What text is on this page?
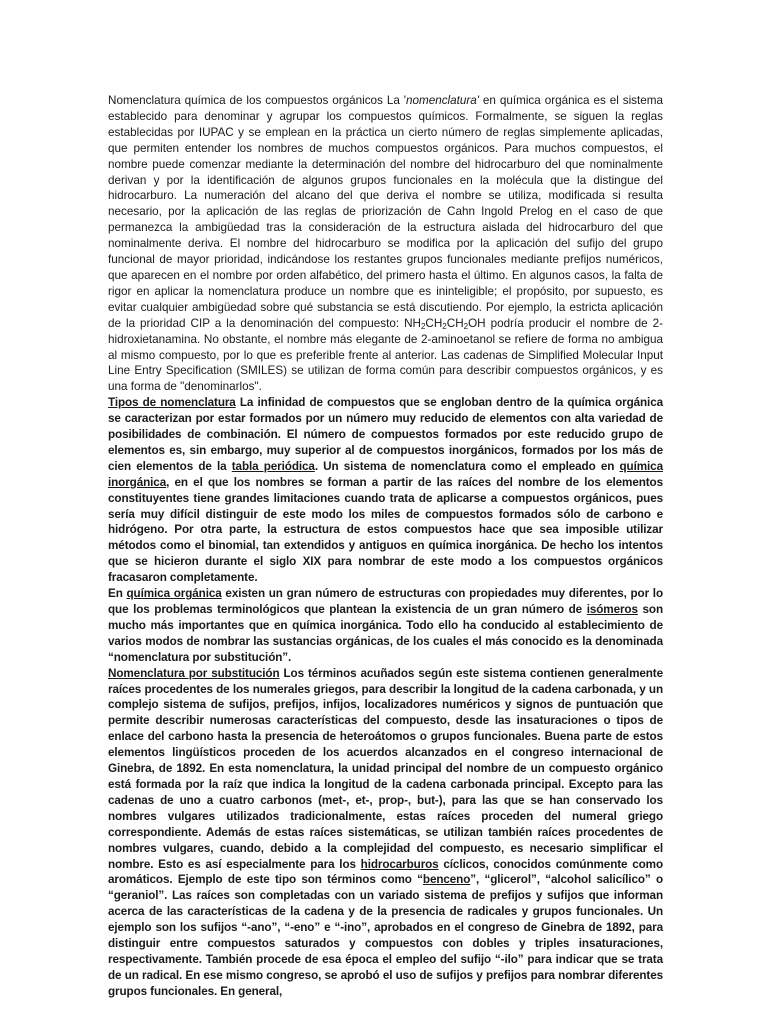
Nomenclatura química de los compuestos orgánicos La 'nomenclatura' en química orgánica es el sistema establecido para denominar y agrupar los compuestos químicos. Formalmente, se siguen la reglas establecidas por IUPAC y se emplean en la práctica un cierto número de reglas simplemente aplicadas, que permiten entender los nombres de muchos compuestos orgánicos. Para muchos compuestos, el nombre puede comenzar mediante la determinación del nombre del hidrocarburo del que nominalmente derivan y por la identificación de algunos grupos funcionales en la molécula que la distingue del hidrocarburo. La numeración del alcano del que deriva el nombre se utiliza, modificada si resulta necesario, por la aplicación de las reglas de priorización de Cahn Ingold Prelog en el caso de que permanezca la ambigüedad tras la consideración de la estructura aislada del hidrocarburo del que nominalmente deriva. El nombre del hidrocarburo se modifica por la aplicación del sufijo del grupo funcional de mayor prioridad, indicándose los restantes grupos funcionales mediante prefijos numéricos, que aparecen en el nombre por orden alfabético, del primero hasta el último. En algunos casos, la falta de rigor en aplicar la nomenclatura produce un nombre que es ininteligible; el propósito, por supuesto, es evitar cualquier ambigüedad sobre qué substancia se está discutiendo. Por ejemplo, la estricta aplicación de la prioridad CIP a la denominación del compuesto: $NH_2CH_2CH_2OH$ podría producir el nombre de 2-hidroxietanamina. No obstante, el nombre más elegante de 2-aminoetanol se refiere de forma no ambigua al mismo compuesto, por lo que es preferible frente al anterior. Las cadenas de Simplified Molecular Input Line Entry Specification (SMILES) se utilizan de forma común para describir compuestos orgánicos, y es una forma de "denominarlos".

Tipos de nomenclatura La infinidad de compuestos que se engloban dentro de la química orgánica se caracterizan por estar formados por un número muy reducido de elementos con alta variedad de posibilidades de combinación. El número de compuestos formados por este reducido grupo de elementos es, sin embargo, muy superior al de compuestos inorgánicos, formados por los más de cien elementos de la tabla periódica. Un sistema de nomenclatura como el empleado en química inorgánica, en el que los nombres se forman a partir de las raíces del nombre de los elementos constituyentes tiene grandes limitaciones cuando trata de aplicarse a compuestos orgánicos, pues sería muy difícil distinguir de este modo los miles de compuestos formados sólo de carbono e hidrógeno. Por otra parte, la estructura de estos compuestos hace que sea imposible utilizar métodos como el binomial, tan extendidos y antiguos en química inorgánica. De hecho los intentos que se hicieron durante el siglo XIX para nombrar de este modo a los compuestos orgánicos fracasaron completamente.

En química orgánica existen un gran número de estructuras con propiedades muy diferentes, por lo que los problemas terminológicos que plantean la existencia de un gran número de isómeros son mucho más importantes que en química inorgánica. Todo ello ha conducido al establecimiento de varios modos de nombrar las sustancias orgánicas, de los cuales el más conocido es la denominada “nomenclatura por substitución”.

Nomenclatura por substitución Los términos acuñados según este sistema contienen generalmente raíces procedentes de los numerales griegos, para describir la longitud de la cadena carbonada, y un complejo sistema de sufijos, prefijos, infijos, localizadores numéricos y signos de puntuación que permite describir numerosas características del compuesto, desde las insaturaciones o tipos de enlace del carbono hasta la presencia de heteroátomos o grupos funcionales. Buena parte de estos elementos lingüísticos proceden de los acuerdos alcanzados en el congreso internacional de Ginebra, de 1892. En esta nomenclatura, la unidad principal del nombre de un compuesto orgánico está formada por la raíz que indica la longitud de la cadena carbonada principal. Excepto para las cadenas de uno a cuatro carbonos (met-, et-, prop-, but-), para las que se han conservado los nombres vulgares utilizados tradicionalmente, estas raíces proceden del numeral griego correspondiente. Además de estas raíces sistemáticas, se utilizan también raíces procedentes de nombres vulgares, cuando, debido a la complejidad del compuesto, es necesario simplificar el nombre. Esto es así especialmente para los hidrocarburos cíclicos, conocidos comúnmente como aromáticos. Ejemplo de este tipo son términos como “benceno”, “glicerol”, “alcohol salicílico” o “geraniol”. Las raíces son completadas con un variado sistema de prefijos y sufijos que informan acerca de las características de la cadena y de la presencia de radicales y grupos funcionales. Un ejemplo son los sufijos “-ano”, “-eno” e “-ino”, aprobados en el congreso de Ginebra de 1892, para distinguir entre compuestos saturados y compuestos con dobles y triples insaturaciones, respectivamente. También procede de esa época el empleo del sufijo “-ilo” para indicar que se trata de un radical. En ese mismo congreso, se aprobó el uso de sufijos y prefijos para nombrar diferentes grupos funcionales. En general,
